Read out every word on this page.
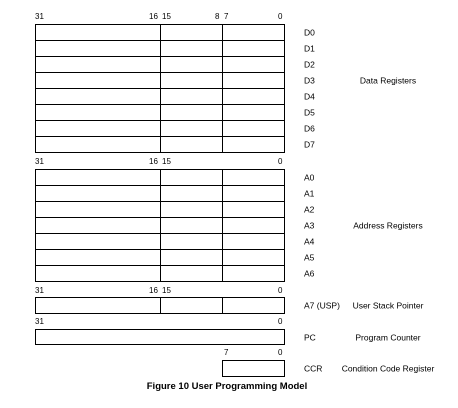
31	16 15	8 7	0
D0
D1
D2
D3
D4
D5
D6
D7
Data Registers
31	16 15	0
A0
A1
A2
A3
A4
A5
A6
Address Registers
31	16 15	0
A7 (USP) User Stack Pointer
31	0
PC	Program Counter
7	0
CCR Condition Code Register
Figure 10 User Programming Model
